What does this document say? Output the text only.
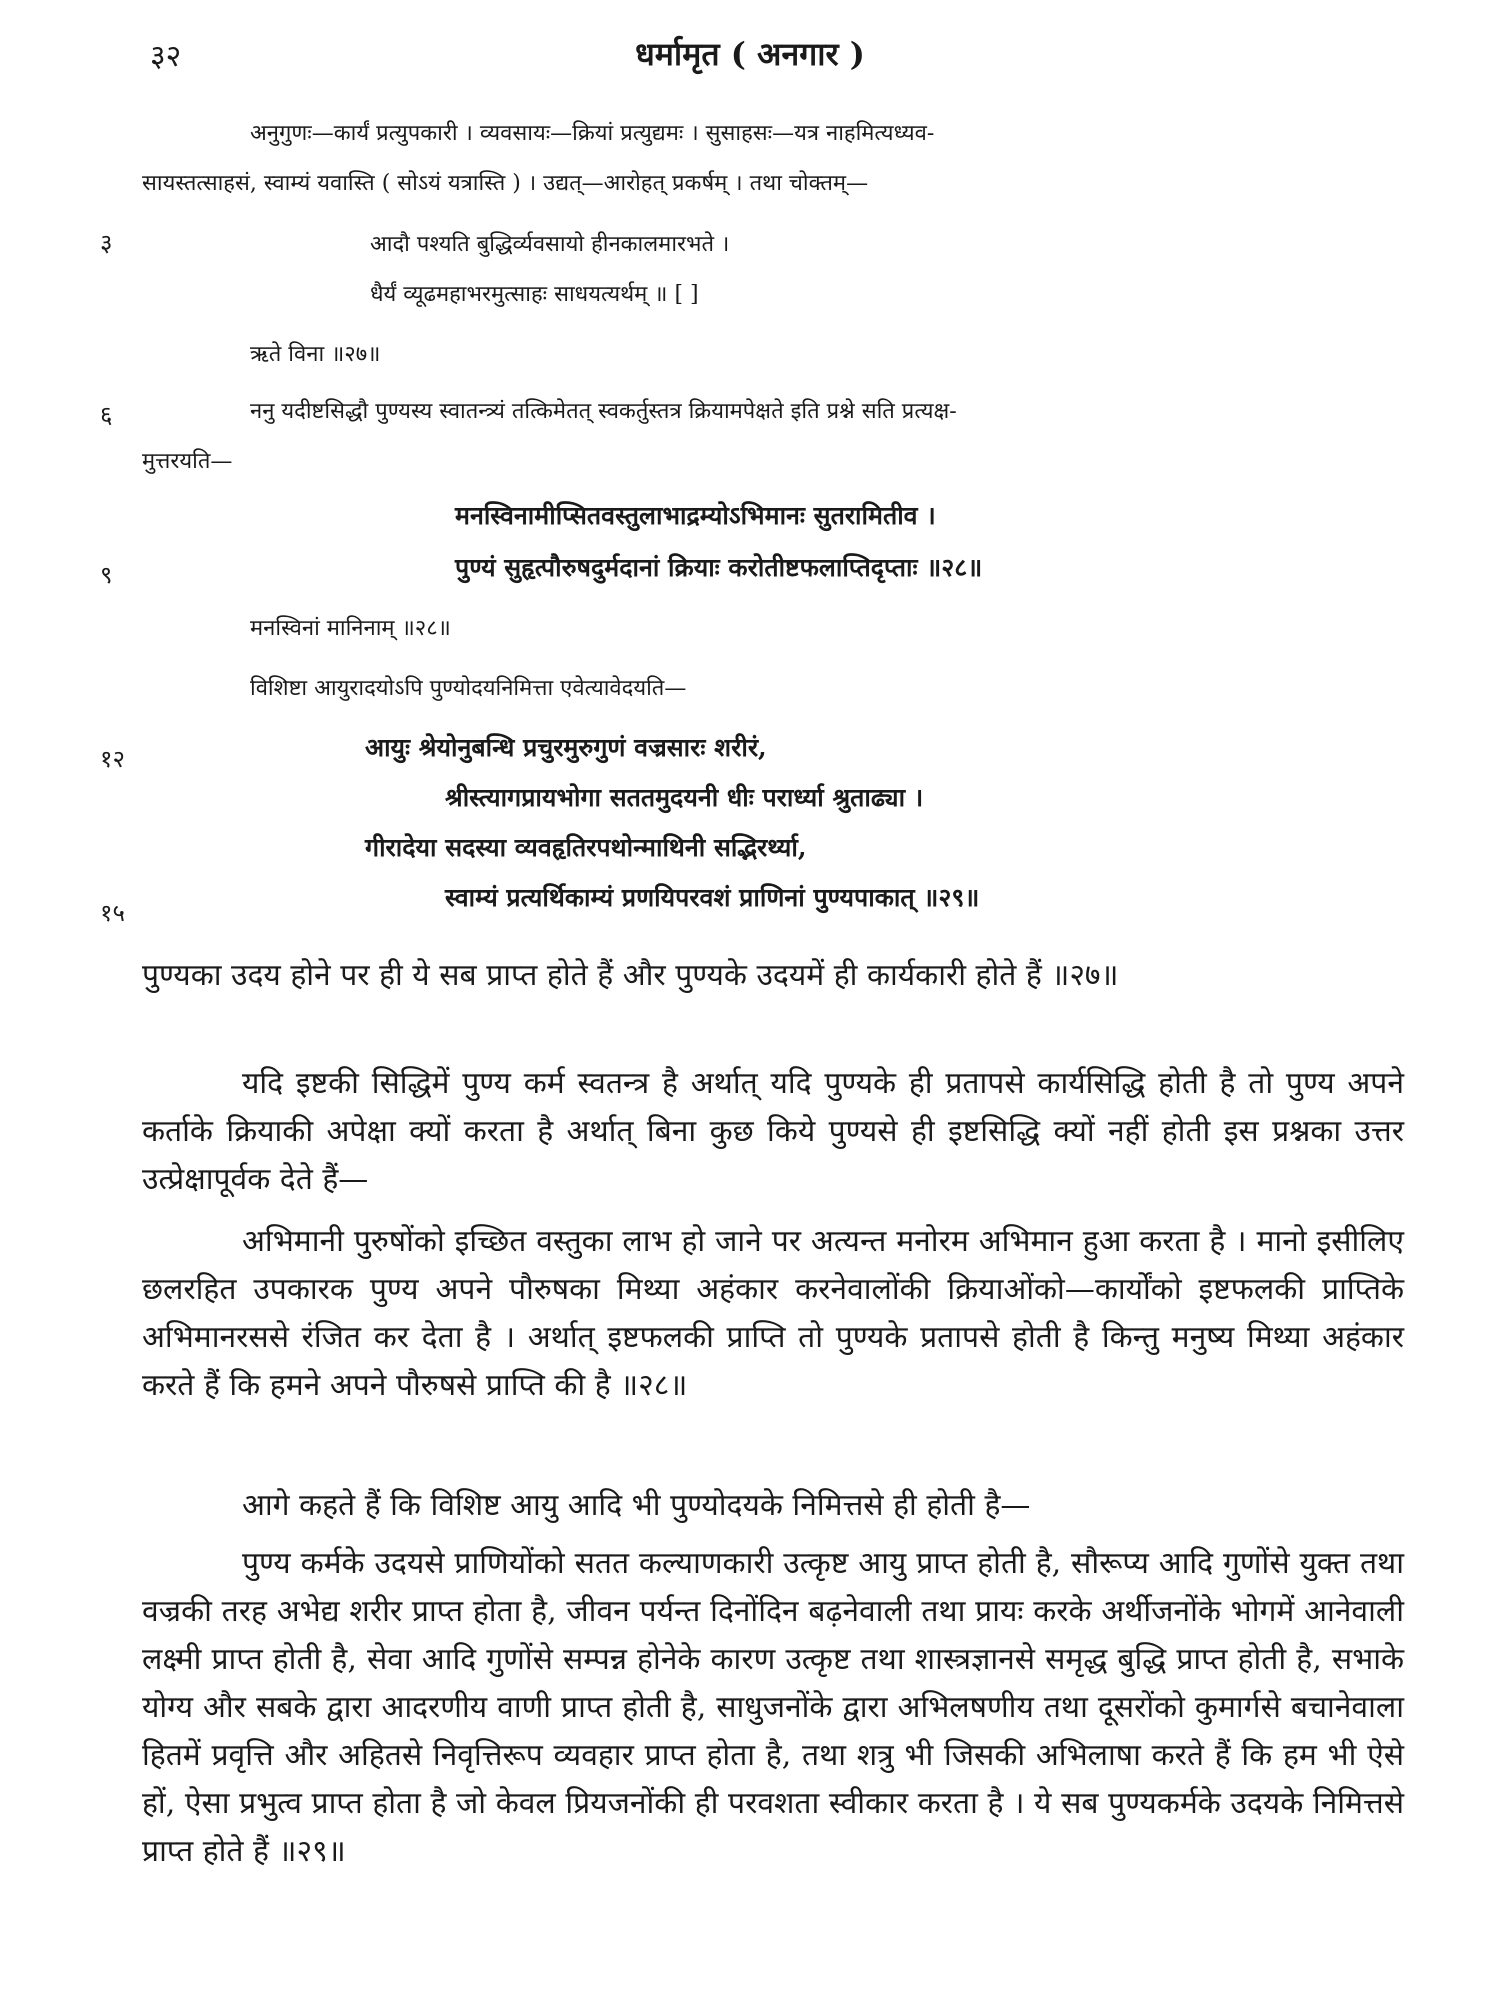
३२	धर्मामृत ( अनगार )
अनुगुणः—कार्यं प्रत्युपकारी । व्यवसायः—क्रियां प्रत्युद्यमः । सुसाहसः—यत्र नाहमित्यध्यव-
सायस्तत्साहसं, स्वाम्यं यवास्ति ( सोऽयं यत्रास्ति ) । उद्यत्—आरोहत् प्रकर्षम् । तथा चोक्तम्—
३	आदौ पश्यति बुद्धिर्व्यवसायो हीनकालमारभते ।
धैर्यं व्यूढमहाभरमुत्साहः साधयत्यर्थम् ॥ [ ]
ऋते विना ॥२७॥
६	ननु यदीष्टसिद्धौ पुण्यस्य स्वातन्त्र्यं तत्किमेतत् स्वकर्तुस्तत्र क्रियामपेक्षते इति प्रश्ने सति प्रत्यक्ष-
मुत्तरयति—
मनस्विनामीप्सितवस्तुलाभाद्रम्योऽभिमानः सुतरामितीव ।
९	पुण्यं सुहृत्पौरुषदुर्मदानां क्रियाः करोतीष्टफलाप्तिदृप्ताः ॥२८॥
मनस्विनां मानिनाम् ॥२८॥
विशिष्टा आयुरादयोऽपि पुण्योदयनिमित्ता एवेत्यावेदयति—
१२	आयुः श्रेयोनुबन्धि प्रचुरमुरुगुणं वज्रसारः शरीरं,
श्रीस्त्यागप्रायभोगा सततमुदयनी धीः परार्ध्या श्रुताढ्या ।
गीरादेया सदस्या व्यवहृतिरपथोन्माथिनी सद्भिरर्थ्या,
१५
स्वाम्यं प्रत्यर्थिकाम्यं प्रणयिपरवशं प्राणिनां पुण्यपाकात् ॥२९॥
पुण्यका उदय होने पर ही ये सब प्राप्त होते हैं और पुण्यके उदयमें ही कार्यकारी होते हैं ॥२७॥
यदि इष्टकी सिद्धिमें पुण्य कर्म स्वतन्त्र है अर्थात् यदि पुण्यके ही प्रतापसे कार्यसिद्धि होती है तो पुण्य अपने कर्ताके क्रियाकी अपेक्षा क्यों करता है अर्थात् बिना कुछ किये पुण्यसे ही इष्टसिद्धि क्यों नहीं होती इस प्रश्नका उत्तर उत्प्रेक्षापूर्वक देते हैं—
अभिमानी पुरुषोंको इच्छित वस्तुका लाभ हो जाने पर अत्यन्त मनोरम अभिमान हुआ करता है । मानो इसीलिए छलरहित उपकारक पुण्य अपने पौरुषका मिथ्या अहंकार करनेवालोंकी क्रियाओंको—कार्योंको इष्टफलकी प्राप्तिके अभिमानरससे रंजित कर देता है । अर्थात् इष्टफलकी प्राप्ति तो पुण्यके प्रतापसे होती है किन्तु मनुष्य मिथ्या अहंकार करते हैं कि हमने अपने पौरुषसे प्राप्ति की है ॥२८॥
आगे कहते हैं कि विशिष्ट आयु आदि भी पुण्योदयके निमित्तसे ही होती है—
पुण्य कर्मके उदयसे प्राणियोंको सतत कल्याणकारी उत्कृष्ट आयु प्राप्त होती है, सौरूप्य आदि गुणोंसे युक्त तथा वज्रकी तरह अभेद्य शरीर प्राप्त होता है, जीवन पर्यन्त दिनोंदिन बढ़नेवाली तथा प्रायः करके अर्थीजनोंके भोगमें आनेवाली लक्ष्मी प्राप्त होती है, सेवा आदि गुणोंसे सम्पन्न होनेके कारण उत्कृष्ट तथा शास्त्रज्ञानसे समृद्ध बुद्धि प्राप्त होती है, सभाके योग्य और सबके द्वारा आदरणीय वाणी प्राप्त होती है, साधुजनोंके द्वारा अभिलषणीय तथा दूसरोंको कुमार्गसे बचानेवाला हितमें प्रवृत्ति और अहितसे निवृत्तिरूप व्यवहार प्राप्त होता है, तथा शत्रु भी जिसकी अभिलाषा करते हैं कि हम भी ऐसे हों, ऐसा प्रभुत्व प्राप्त होता है जो केवल प्रियजनोंकी ही परवशता स्वीकार करता है । ये सब पुण्यकर्मके उदयके निमित्तसे प्राप्त होते हैं ॥२९॥
